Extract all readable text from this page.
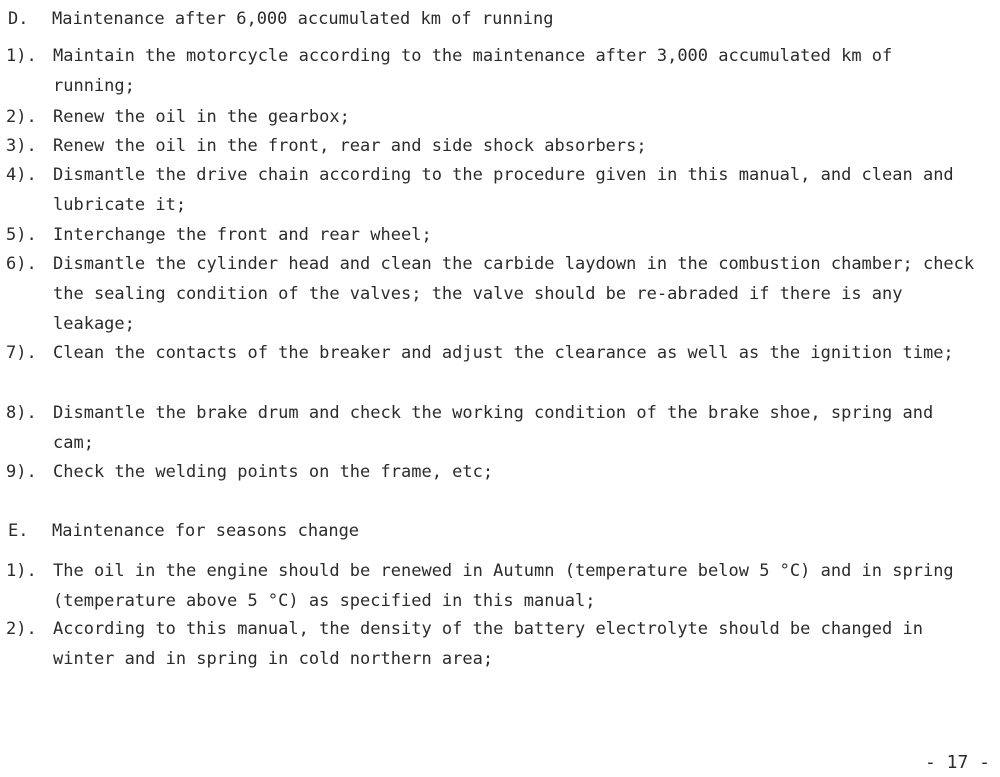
D. Maintenance after 6,000 accumulated km of running
1). Maintain the motorcycle according to the maintenance after 3,000 accumulated km of running;
2). Renew the oil in the gearbox;
3). Renew the oil in the front, rear and side shock absorbers;
4). Dismantle the drive chain according to the procedure given in this manual, and clean and lubricate it;
5). Interchange the front and rear wheel;
6). Dismantle the cylinder head and clean the carbide laydown in the combustion chamber; check the sealing condition of the valves; the valve should be re-abraded if there is any leakage;
7). Clean the contacts of the breaker and adjust the clearance as well as the ignition time;
8). Dismantle the brake drum and check the working condition of the brake shoe, spring and cam;
9). Check the welding points on the frame, etc;
E. Maintenance for seasons change
1). The oil in the engine should be renewed in Autumn (temperature below 5 °C) and in spring (temperature above 5 °C) as specified in this manual;
2). According to this manual, the density of the battery electrolyte should be changed in winter and in spring in cold northern area;
- 17 -
